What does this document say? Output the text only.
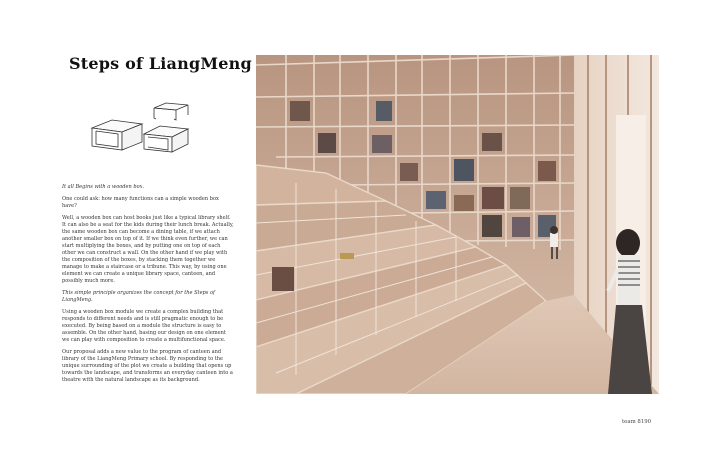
Steps of LiangMeng

It all Begins with a wooden box.

One could ask: how many functions can a simple wooden box have?

Well, a wooden box can host books just like a typical library shelf. It can also be a seat for the kids during their lunch break. Actually, the same wooden box can become a dining table, if we attach another smaller box on top of it. If we think even further, we can start multiplying the boxes, and by putting one on top of each other we can construct a wall. On the other hand if we play with the composition of the boxes, by stacking them together we manage to make a staircase or a tribune. This way, by using one element we can create a unique library space, canteen, and possibly much more.

This simple principle organizes the concept for the Steps of LiangMeng.

Using a wooden box module we create a complex building that responds to different needs and is still pragmatic enough to be executed. By being based on a module the structure is easy to assemble. On the other hand, basing our design on one element we can play with composition to create a multifunctional space.

Our proposal adds a new value to the program of canteen and library of the LiangMeng Primary school. By responding to the unique surrounding of the plot we create a building that opens up towards the landscape, and transforms an everyday canteen into a theatre with the natural landscape as its background.

team 8190
